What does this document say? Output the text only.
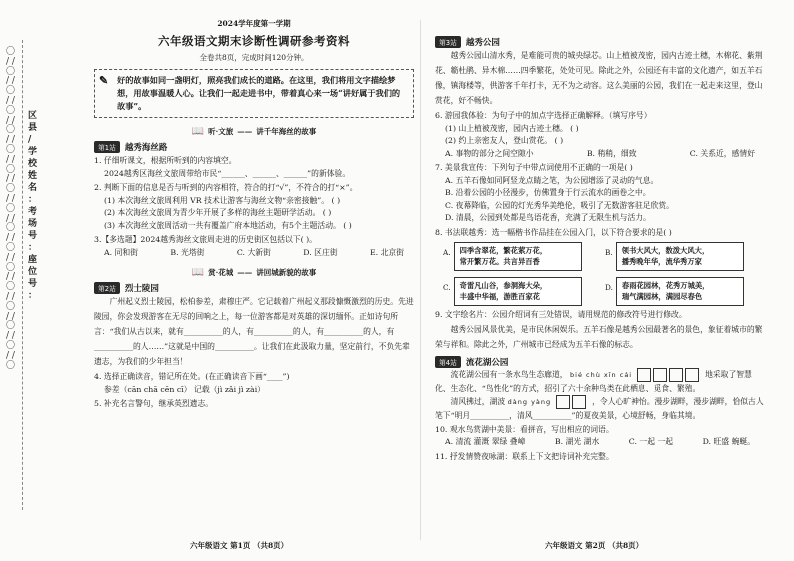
〇 / / 〇 / / 〇 / / 〇 / / 〇 / / 〇 / / 〇 / / 〇 / / 〇 / / 〇 / / 〇 / / 〇 / / 〇 / / 〇 / / 〇 / / 〇 / / 〇
区 县 / 学 校 姓 名 ： 考 场 号 ： 座 位 号 ：
2024学年度第一学期
六年级语文期末诊断性调研参考资料
全卷共8页，完成时间120分钟。
✎ 好的故事如同一盏明灯，照亮我们成长的道路。在这里，我们将用文字描绘梦想，用故事温暖人心。让我们一起走进书中，带着真心来一场“讲好属于我们的故事”。
📖 听·文旅 —— 讲千年海丝的故事
第1站	越秀海丝路
1. 仔细听课文，根据所听到的内容填空。
2024越秀区海丝文旅周带给市民“______、______、______”的新体验。
2. 判断下面的信息是否与听到的内容相符，符合的打“√”，不符合的打“×”。
(1) 本次海丝文旅周利用 VR 技术让游客与海丝文物“亲密接触”。 ( )
(2) 本次海丝文旅周为青少年开展了多样的海丝主题研学活动。 ( )
(3) 本次海丝文旅周活动一共有覆盖广府本地活动，有5个主题活动。 ( )
3.【多选题】2024越秀海丝文旅周走进的历史街区包括以下( )。
A. 同和街	B. 光塔街	C. 大新街	D. 区庄街	E. 北京街
📖 赏·花城 —— 讲回城新貌的故事
第2站	烈士陵园
广州起义烈士陵园，松柏参差，肃穆庄严。它记载着广州起义那段慷慨激烈的历史。先进陵园，你会发现游客在无尽的回响之上，每一位游客都是对英雄的深切缅怀。正如诗句所言：“我们从古以来，就有__________的人，有__________的人，有__________的人，有__________的人……”这就是中国的__________。让我们在此汲取力量，坚定前行，不负先辈遗志，为我们的少年担当！
4. 选择正确读音，错记所在处。(在正确读音下画“____”)
参差（cān chā cēn cī） 记载（jì zǎi jì zài）
5. 补充名言警句，继承英烈遗志。
六年级语文 第1页 （共8页）
第3站	越秀公园
越秀公园山清水秀，是难能可贵的城央绿芯。山上植被茂密，园内古迹土穗，木棉花、紫荆花、簕杜鹃、异木棉……四季繁花，处处可见。除此之外，公园还有丰富的文化遗产，如五羊石像，镇海楼等，供游客千年打卡，无不为之动容。这么美丽的公园，我们在一起走来这里，登山赏花，好不畅快。
6. 游园我体验：为句子中的加点字选择正确解释。（填写序号）
(1) 山上植被茂密，园内古迹土穗。 ( )
(2) 约上亲密友人，登山赏花。 ( )
A. 事物的部分之间空隙小	B. 稍稍，细致	C. 关系近，感情好
7. 美景我宣传：下列句子中带点词使用不正确的一项是( )
A. 五羊石像如同阿竖龙点睛之笔，为公园增添了灵动的气息。
B. 沿着公园的小径漫步，仿佛置身于行云流水的画卷之中。
C. 夜幕降临，公园的灯光秀华美绝伦，吸引了无数游客驻足欣赏。
D. 清晨，公园到处都是鸟语花香，充满了无限生机与活力。
8. 书法联越秀：选一幅楷书作品挂在公园入门，以下符合要求的是( )
A.	四季含翠花，繁花萦万花，
常开繁万花。共言异百香
B.	领书大风大，数泼大风大，
播秀晚年华，流华秀万家
C.	奇雷凡山谷，参洞海大朵，
丰盛中华福，游胜百家花
D.	春雨花园林，花秀万城美，
瑞气满园林，满园尽春色
9. 文字绘名片：公园介绍词有三处错误，请用规范的修改符号进行修改。
越秀公园风景优美，是市民休闲娱乐。五羊石像是越秀公园最著名的景色，象征着城市的繁荣与祥和。除此之外，广州城市已经成为五羊石像的标志。
第4站	流花湖公园
流花湖公园有一条水鸟生态廊道， bié chù xīn cái	地采取了智慧化、生态化、“鸟性化”的方式，招引了六十余种鸟类在此栖息、觅食、繁殖。
清风拂过，湖波 dàng yàng	，令人心旷神怡。漫步湖畔，漫步湖畔，恰似古人笔下“明月__________，清风__________”的夏夜美景，心境舒畅，身临其境。
10. 观水鸟赏湖中美景：看拼音，写出相应的词语。
A. 清流 灌溉 翠绿 叠嶂	B. 湖光 湖水	C. 一起 一起	D. 旺盛 蜿蜒。
11. 抒发情赞夜咏湖：联系上下文把诗词补充完整。
六年级语文 第2页 （共8页）
